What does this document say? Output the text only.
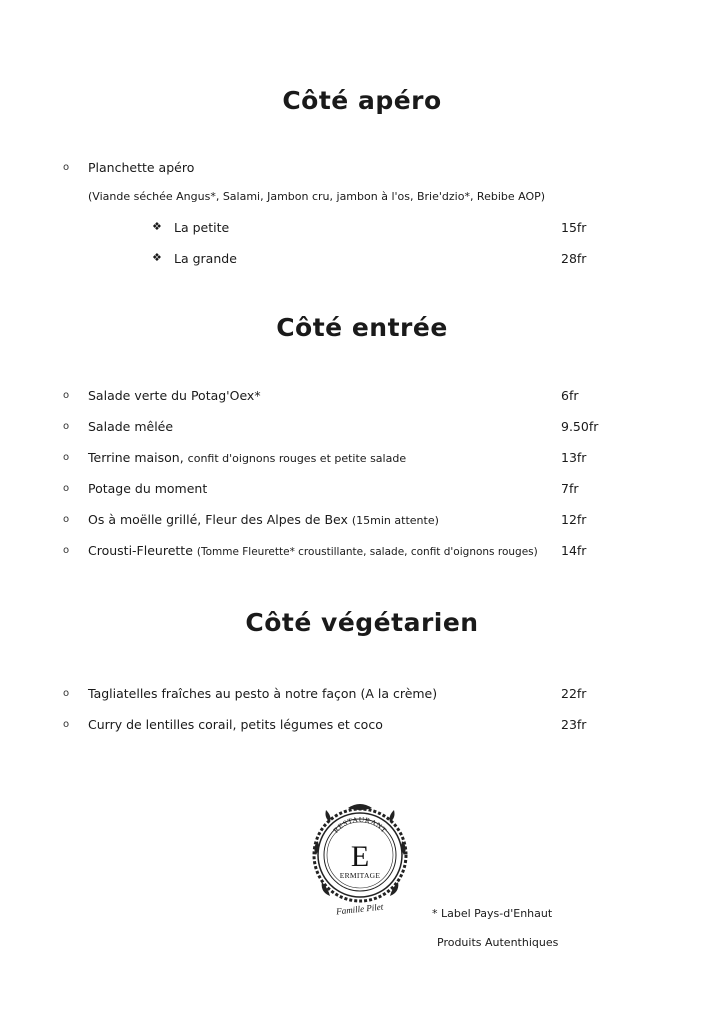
Côté apéro
o
Planchette apéro
(Viande séchée Angus*, Salami, Jambon cru, jambon à l'os, Brie'dzio*, Rebibe AOP)
❖ La petite	15fr
❖ La grande	28fr
Côté entrée
o
Salade verte du Potag'Oex*	6fr
o
Salade mêlée	9.50fr
o
Terrine maison, confit d'oignons rouges et petite salade	13fr
o
Potage du moment	7fr
o
Os à moëlle grillé, Fleur des Alpes de Bex (15min attente)	12fr
o
Crousti-Fleurette (Tomme Fleurette* croustillante, salade, confit d'oignons rouges) 14fr
Côté végétarien
o
Tagliatelles fraîches au pesto à notre façon (A la crème)	22fr
o
Curry de lentilles corail, petits légumes et coco	23fr
RESTAURANT
E
ERMITAGE
Famille Pilet	* Label Pays-d'Enhaut
Produits Autenthiques
